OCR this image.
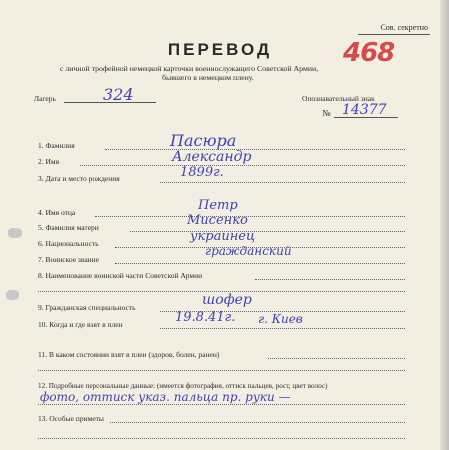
Сов. секретно
ПЕРЕВОД	468
с личной трофейной немецкой карточки военнослужащего Советской Армии,
бывшего в немецком плену.
Лагерь	324	Опознавательный знак
№ 14377
1. Фамилия	Пасюра
2. Имя	Александр
3. Дата и место рождения	1899г.
4. Имя отца	Петр
5. Фамилия матери	Мисенко
6. Национальность	украинец
7. Воинское звание
гражданский
8. Наименование воинской части Советской Армии
9. Гражданская специальность	шофер
10. Когда и где взят в плен	19.8.41г. г. Киев
11. В каком состоянии взят в плен (здоров, болен, ранен)
12. Подробные персональные данные: (имеется фотография, оттиск пальцев, рост, цвет волос)
фото, оттиск указ. пальца пр. руки —
13. Особые приметы
